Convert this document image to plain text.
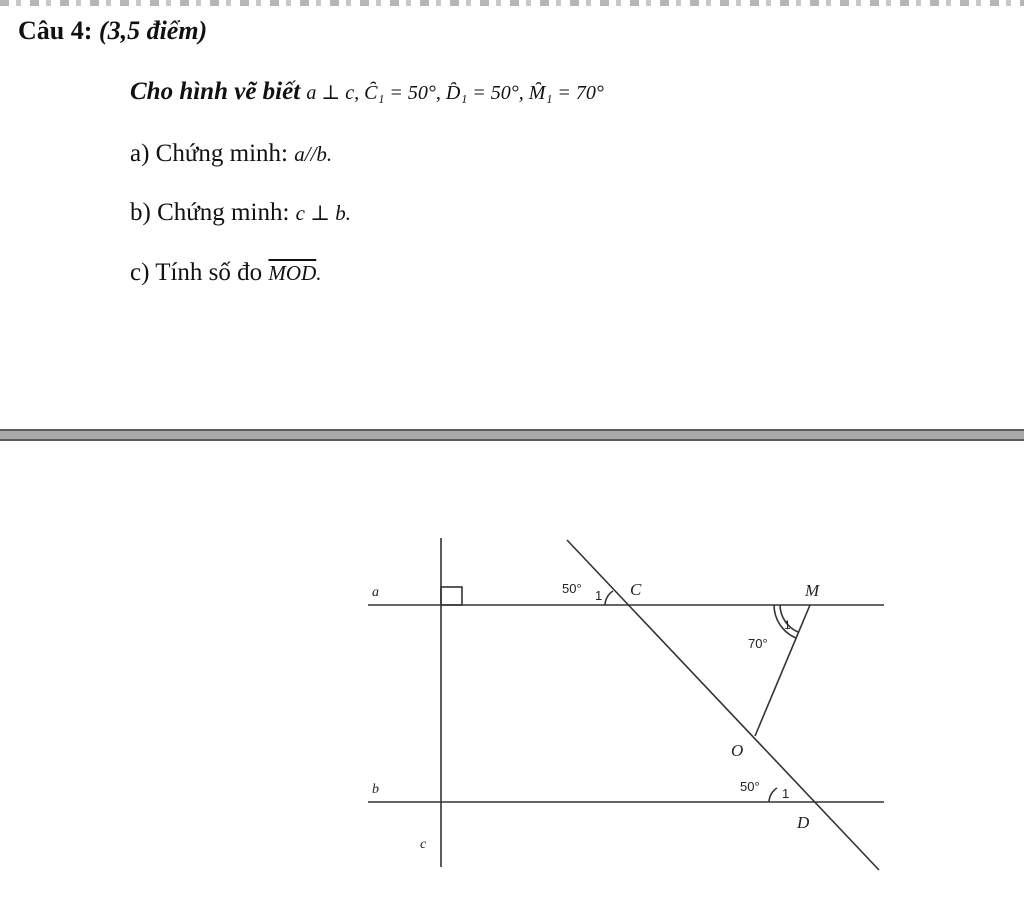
Câu 4: (3,5 điểm)
Cho hình vẽ biết a ⊥ c, C̑₁ = 50°, D̑₁ = 50°, M̑₁ = 70°
a) Chứng minh: a//b.
b) Chứng minh: c ⊥ b.
c) Tính số đo $\overline{MOD}$.
a
b
c
C	M
O
D
50°
70°
50°
1
1
1
